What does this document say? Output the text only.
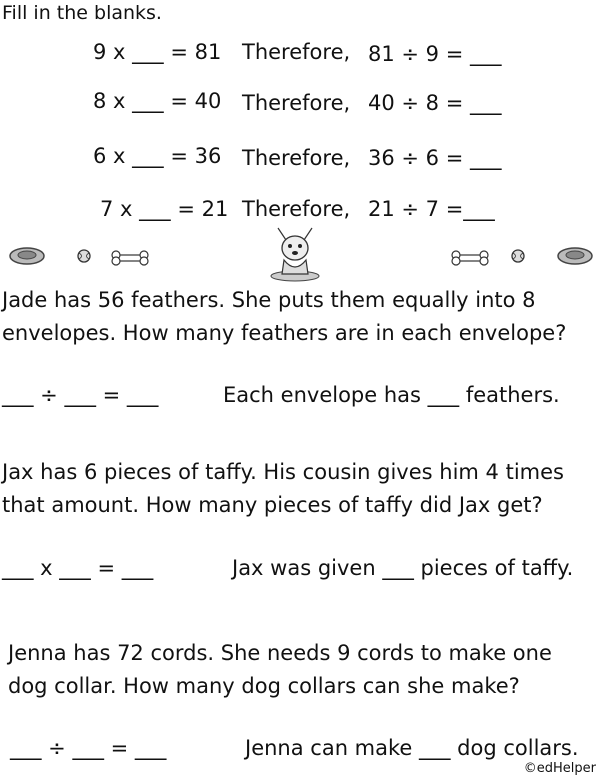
Fill in the blanks.
9 x ___ = 81 Therefore, 81 ÷ 9 = ___
8 x ___ = 40 Therefore, 40 ÷ 8 = ___
6 x ___ = 36 Therefore, 36 ÷ 6 = ___
7 x ___ = 21 Therefore, 21 ÷ 7 =___
Jade has 56 feathers. She puts them equally into 8 envelopes. How many feathers are in each envelope?
___ ÷ ___ = ___	Each envelope has ___ feathers.
Jax has 6 pieces of taffy. His cousin gives him 4 times that amount. How many pieces of taffy did Jax get?
___ x ___ = ___	Jax was given ___ pieces of taffy.
Jenna has 72 cords. She needs 9 cords to make one dog collar. How many dog collars can she make?
___ ÷ ___ = ___	Jenna can make ___ dog collars.
©edHelper
